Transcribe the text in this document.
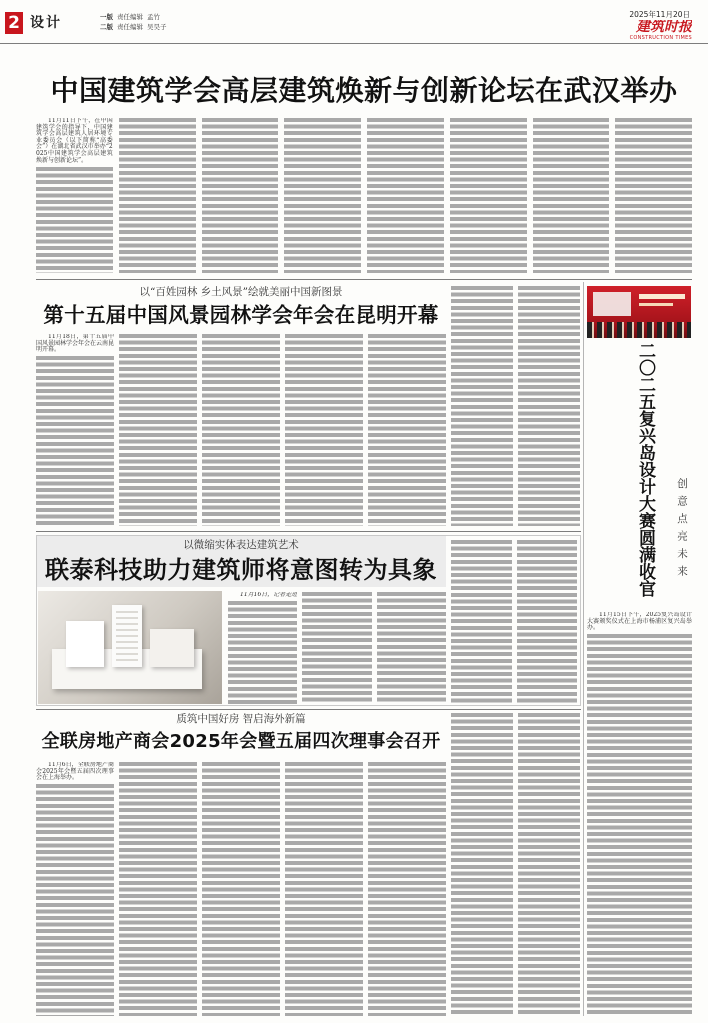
2 设计	一版 责任编辑 孟竹
二版 责任编辑 吴昊子
2025年11月20日
建筑时报
CONSTRUCTION TIMES
中国建筑学会高层建筑焕新与创新论坛在武汉举办

11月11日下午，在中国建筑学会的指导下，中国建筑学会高层建筑人居环境专业委员会（以下简称“高委会”）在湖北省武汉市举办“2025中国建筑学会高层建筑焕新与创新论坛”。

以“百姓园林 乡土风景”绘就美丽中国新图景
第十五届中国风景园林学会年会在昆明开幕

11月18日，第十五届中国风景园林学会年会在云南昆明开幕。

以微缩实体表达建筑艺术
联泰科技助力建筑师将意图转为具象

11月16日，记者走进

质筑中国好房 智启海外新篇
全联房地产商会2025年会暨五届四次理事会召开

11月6日，全联房地产商会2025年会暨五届四次理事会在上海举办。

二〇二五复兴岛设计大赛圆满收官	创意点亮未来

11月15日下午，2025复兴岛设计大赛颁奖仪式在上海市杨浦区复兴岛举办。
